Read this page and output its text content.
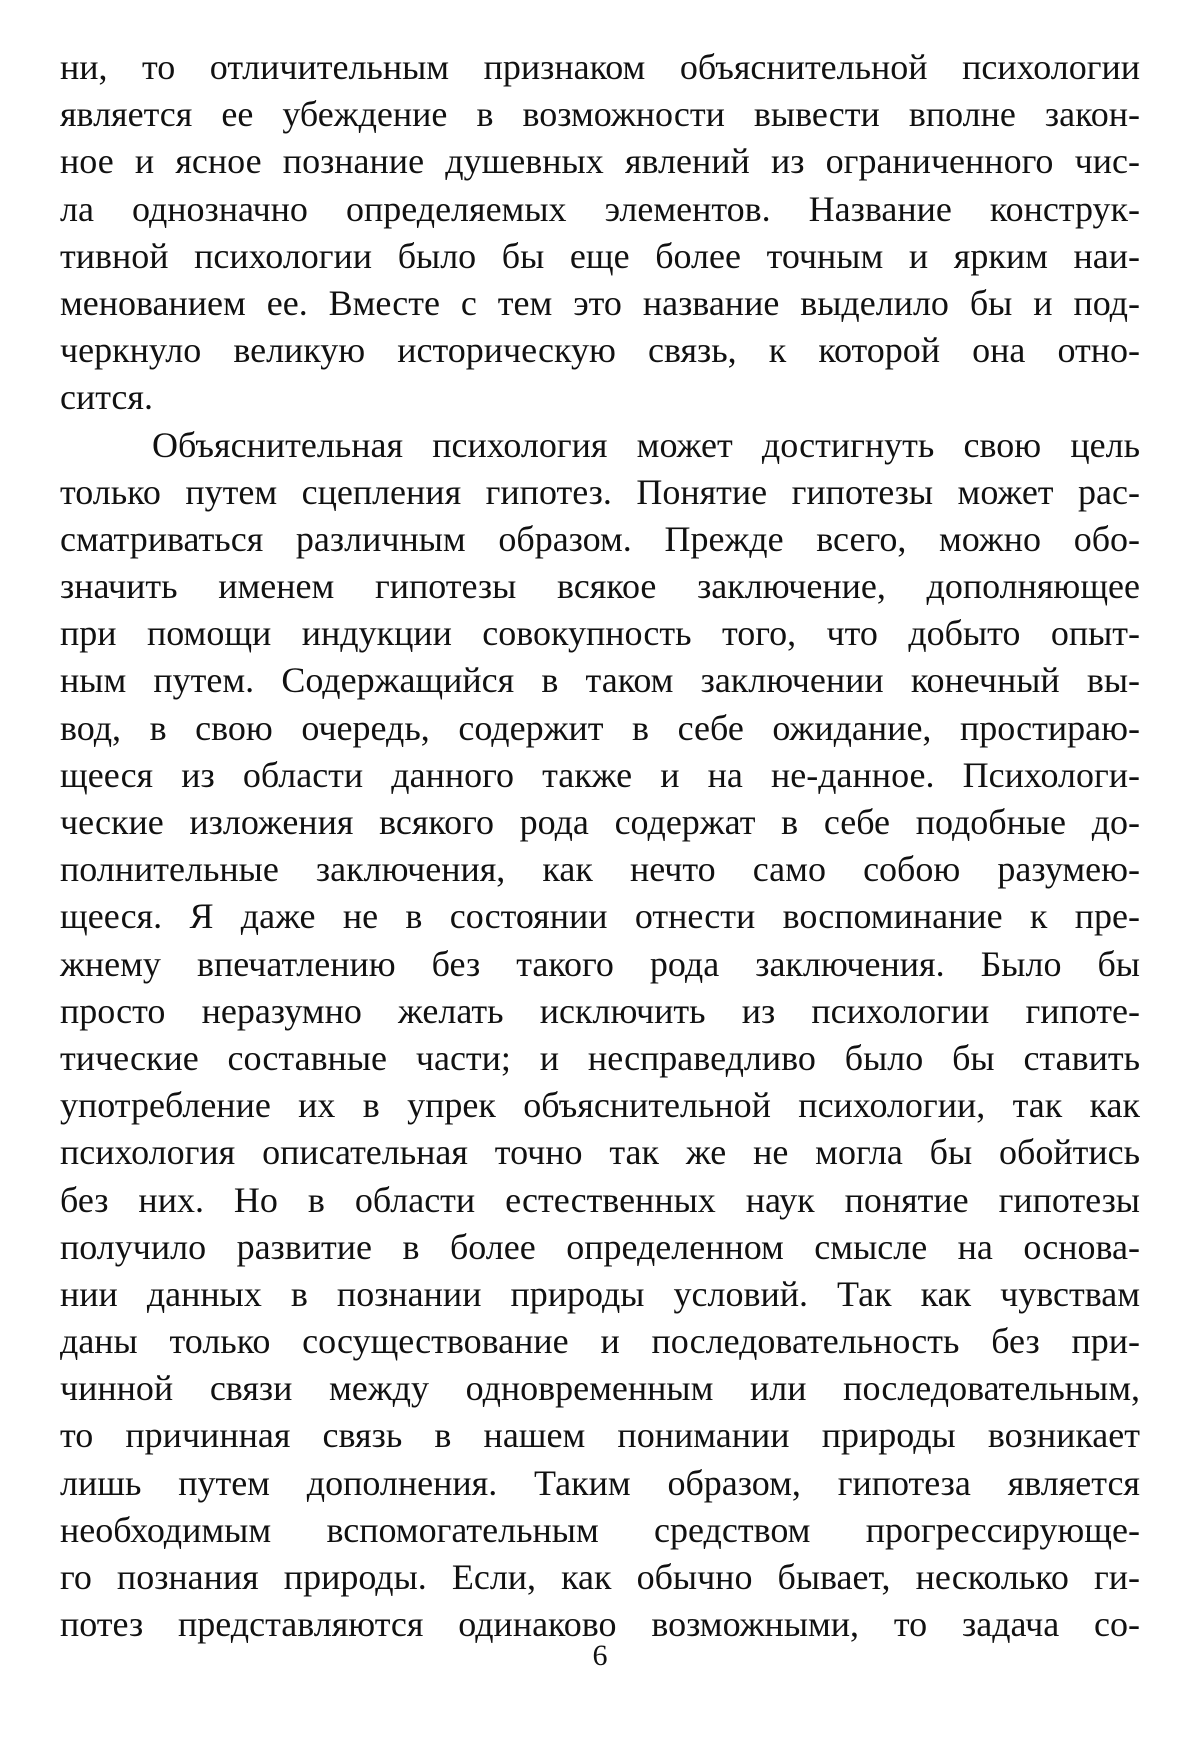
ни, то отличительным признаком объяснительной психологии
является ее убеждение в возможности вывести вполне закон-
ное и ясное познание душевных явлений из ограниченного чис-
ла однозначно определяемых элементов. Название конструк-
тивной психологии было бы еще более точным и ярким наи-
менованием ее. Вместе с тем это название выделило бы и под-
черкнуло великую историческую связь, к которой она отно-
сится.
Объяснительная психология может достигнуть свою цель
только путем сцепления гипотез. Понятие гипотезы может рас-
сматриваться различным образом. Прежде всего, можно обо-
значить именем гипотезы всякое заключение, дополняющее
при помощи индукции совокупность того, что добыто опыт-
ным путем. Содержащийся в таком заключении конечный вы-
вод, в свою очередь, содержит в себе ожидание, простираю-
щееся из области данного также и на не-данное. Психологи-
ческие изложения всякого рода содержат в себе подобные до-
полнительные заключения, как нечто само собою разумею-
щееся. Я даже не в состоянии отнести воспоминание к пре-
жнему впечатлению без такого рода заключения. Было бы
просто неразумно желать исключить из психологии гипоте-
тические составные части; и несправедливо было бы ставить
употребление их в упрек объяснительной психологии, так как
психология описательная точно так же не могла бы обойтись
без них. Но в области естественных наук понятие гипотезы
получило развитие в более определенном смысле на основа-
нии данных в познании природы условий. Так как чувствам
даны только сосуществование и последовательность без при-
чинной связи между одновременным или последовательным,
то причинная связь в нашем понимании природы возникает
лишь путем дополнения. Таким образом, гипотеза является
необходимым вспомогательным средством прогрессирующе-
го познания природы. Если, как обычно бывает, несколько ги-
потез представляются одинаково возможными, то задача со-
6
